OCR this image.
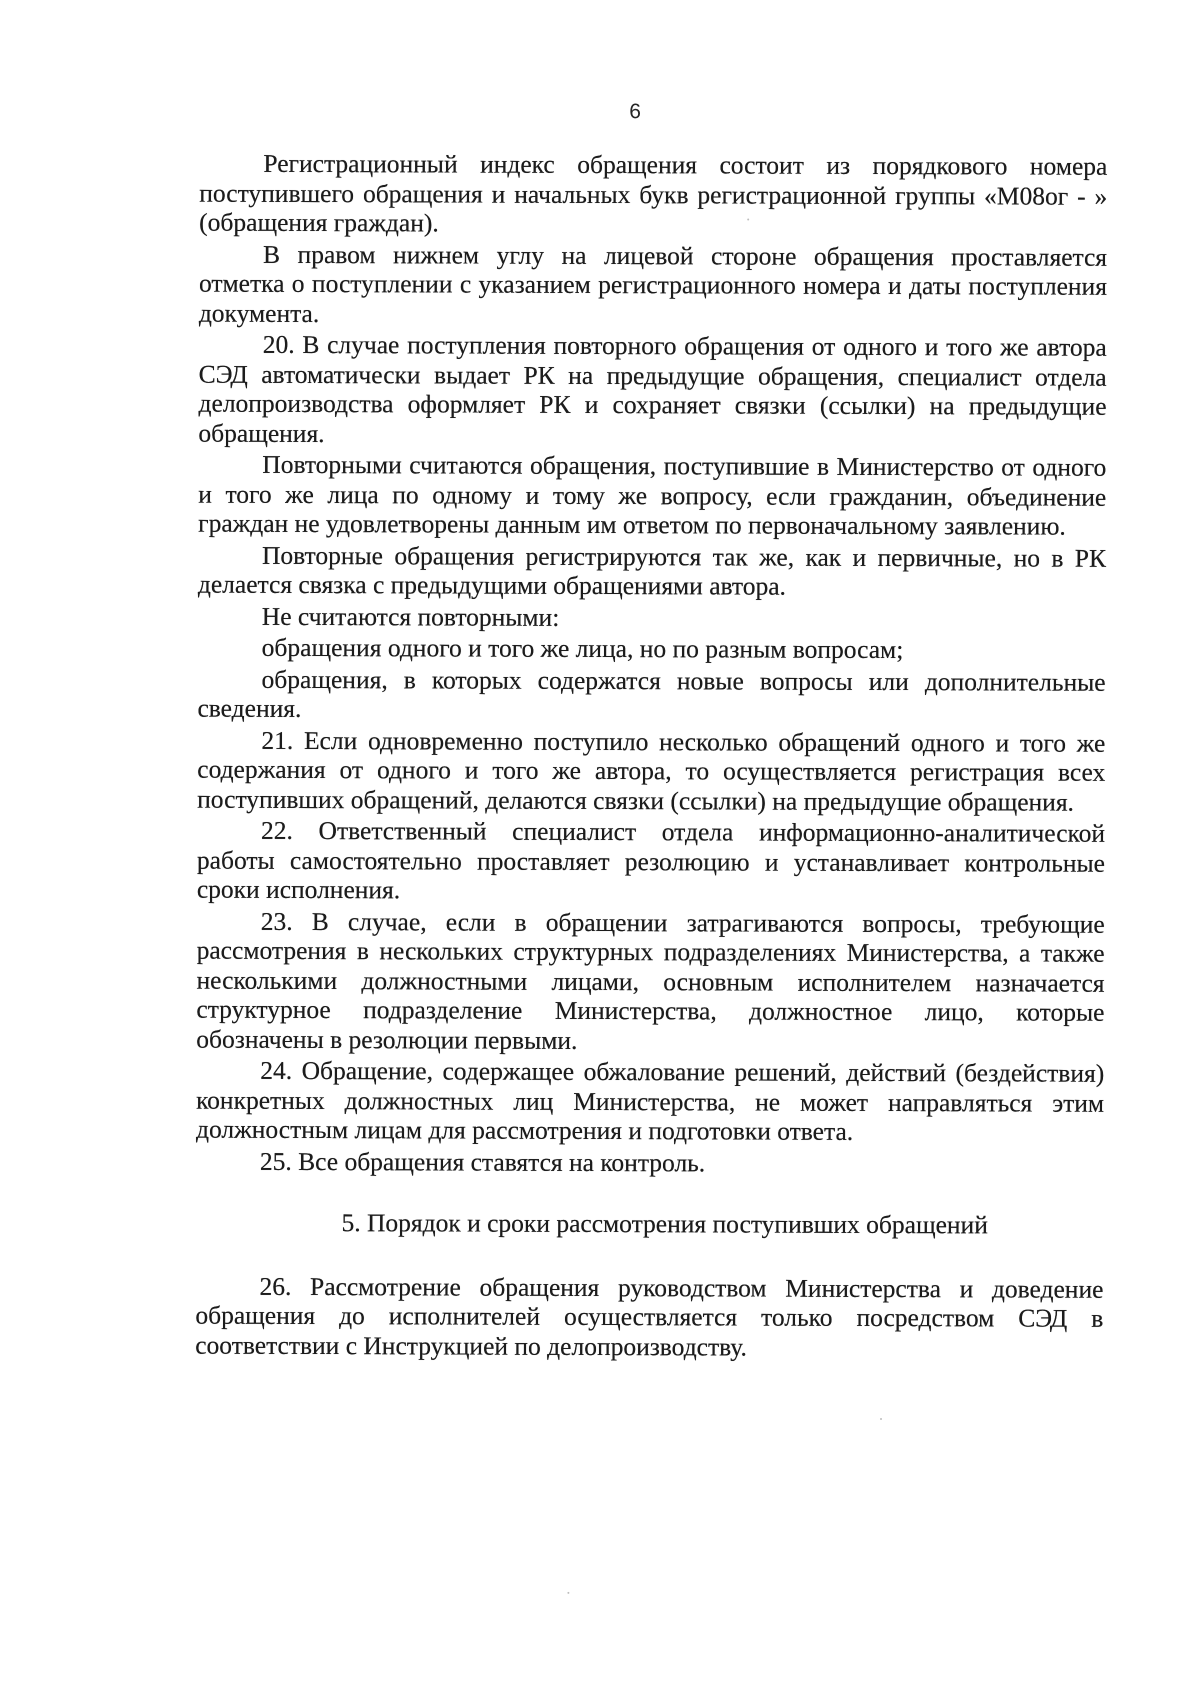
6

Регистрационный индекс обращения состоит из порядкового номера поступившего обращения и начальных букв регистрационной группы «М08ог - » (обращения граждан).

В правом нижнем углу на лицевой стороне обращения проставляется отметка о поступлении с указанием регистрационного номера и даты поступления документа.

20. В случае поступления повторного обращения от одного и того же автора СЭД автоматически выдает РК на предыдущие обращения, специалист отдела делопроизводства оформляет РК и сохраняет связки (ссылки) на предыдущие обращения.

Повторными считаются обращения, поступившие в Министерство от одного и того же лица по одному и тому же вопросу, если гражданин, объединение граждан не удовлетворены данным им ответом по первоначальному заявлению.

Повторные обращения регистрируются так же, как и первичные, но в РК делается связка с предыдущими обращениями автора.

Не считаются повторными:

обращения одного и того же лица, но по разным вопросам;

обращения, в которых содержатся новые вопросы или дополнительные сведения.

21. Если одновременно поступило несколько обращений одного и того же содержания от одного и того же автора, то осуществляется регистрация всех поступивших обращений, делаются связки (ссылки) на предыдущие обращения.

22. Ответственный специалист отдела информационно-аналитической работы самостоятельно проставляет резолюцию и устанавливает контрольные сроки исполнения.

23. В случае, если в обращении затрагиваются вопросы, требующие рассмотрения в нескольких структурных подразделениях Министерства, а также несколькими должностными лицами, основным исполнителем назначается структурное подразделение Министерства, должностное лицо, которые обозначены в резолюции первыми.

24. Обращение, содержащее обжалование решений, действий (бездействия) конкретных должностных лиц Министерства, не может направляться этим должностным лицам для рассмотрения и подготовки ответа.

25. Все обращения ставятся на контроль.

5. Порядок и сроки рассмотрения поступивших обращений

26. Рассмотрение обращения руководством Министерства и доведение обращения до исполнителей осуществляется только посредством СЭД в соответствии с Инструкцией по делопроизводству.
